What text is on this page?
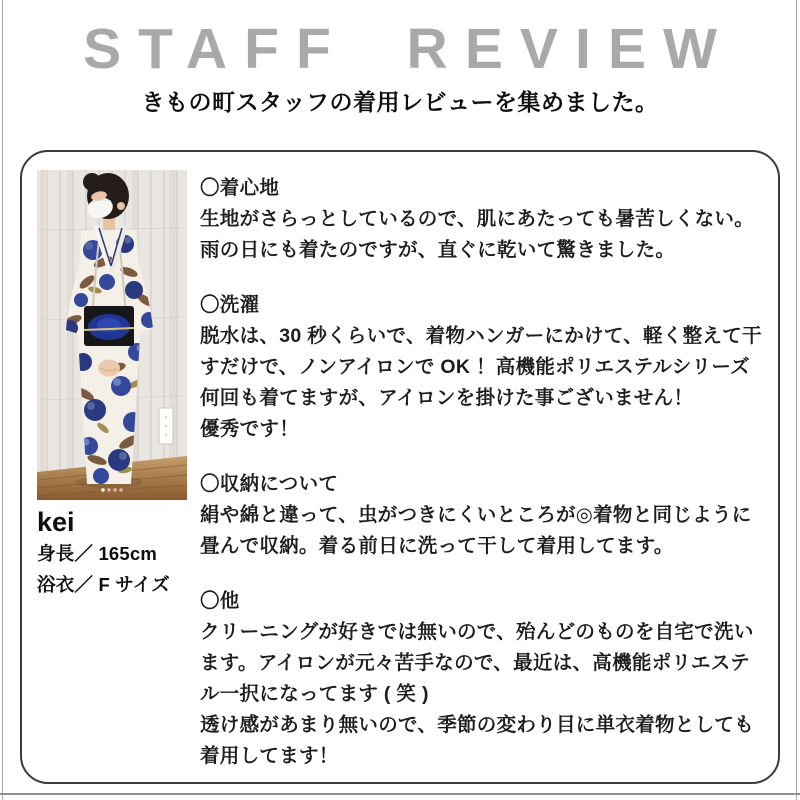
STAFF REVIEW

きもの町スタッフの着用レビューを集めました。

kei
身長／ 165cm
浴衣／ F サイズ
〇着心地
生地がさらっとしているので、肌にあたっても暑苦しくない。
雨の日にも着たのですが、直ぐに乾いて驚きました。
〇洗濯
脱水は、30 秒くらいで、着物ハンガーにかけて、軽く整えて干
すだけで、ノンアイロンで OK ！高機能ポリエステルシリーズ
何回も着てますが、アイロンを掛けた事ございません！
優秀です！
〇収納について
絹や綿と違って、虫がつきにくいところが◎着物と同じように
畳んで収納。着る前日に洗って干して着用してます。
〇他
クリーニングが好きでは無いので、殆んどのものを自宅で洗い
ます。アイロンが元々苦手なので、最近は、高機能ポリエステ
ル一択になってます ( 笑 )
透け感があまり無いので、季節の変わり目に単衣着物としても
着用してます！
